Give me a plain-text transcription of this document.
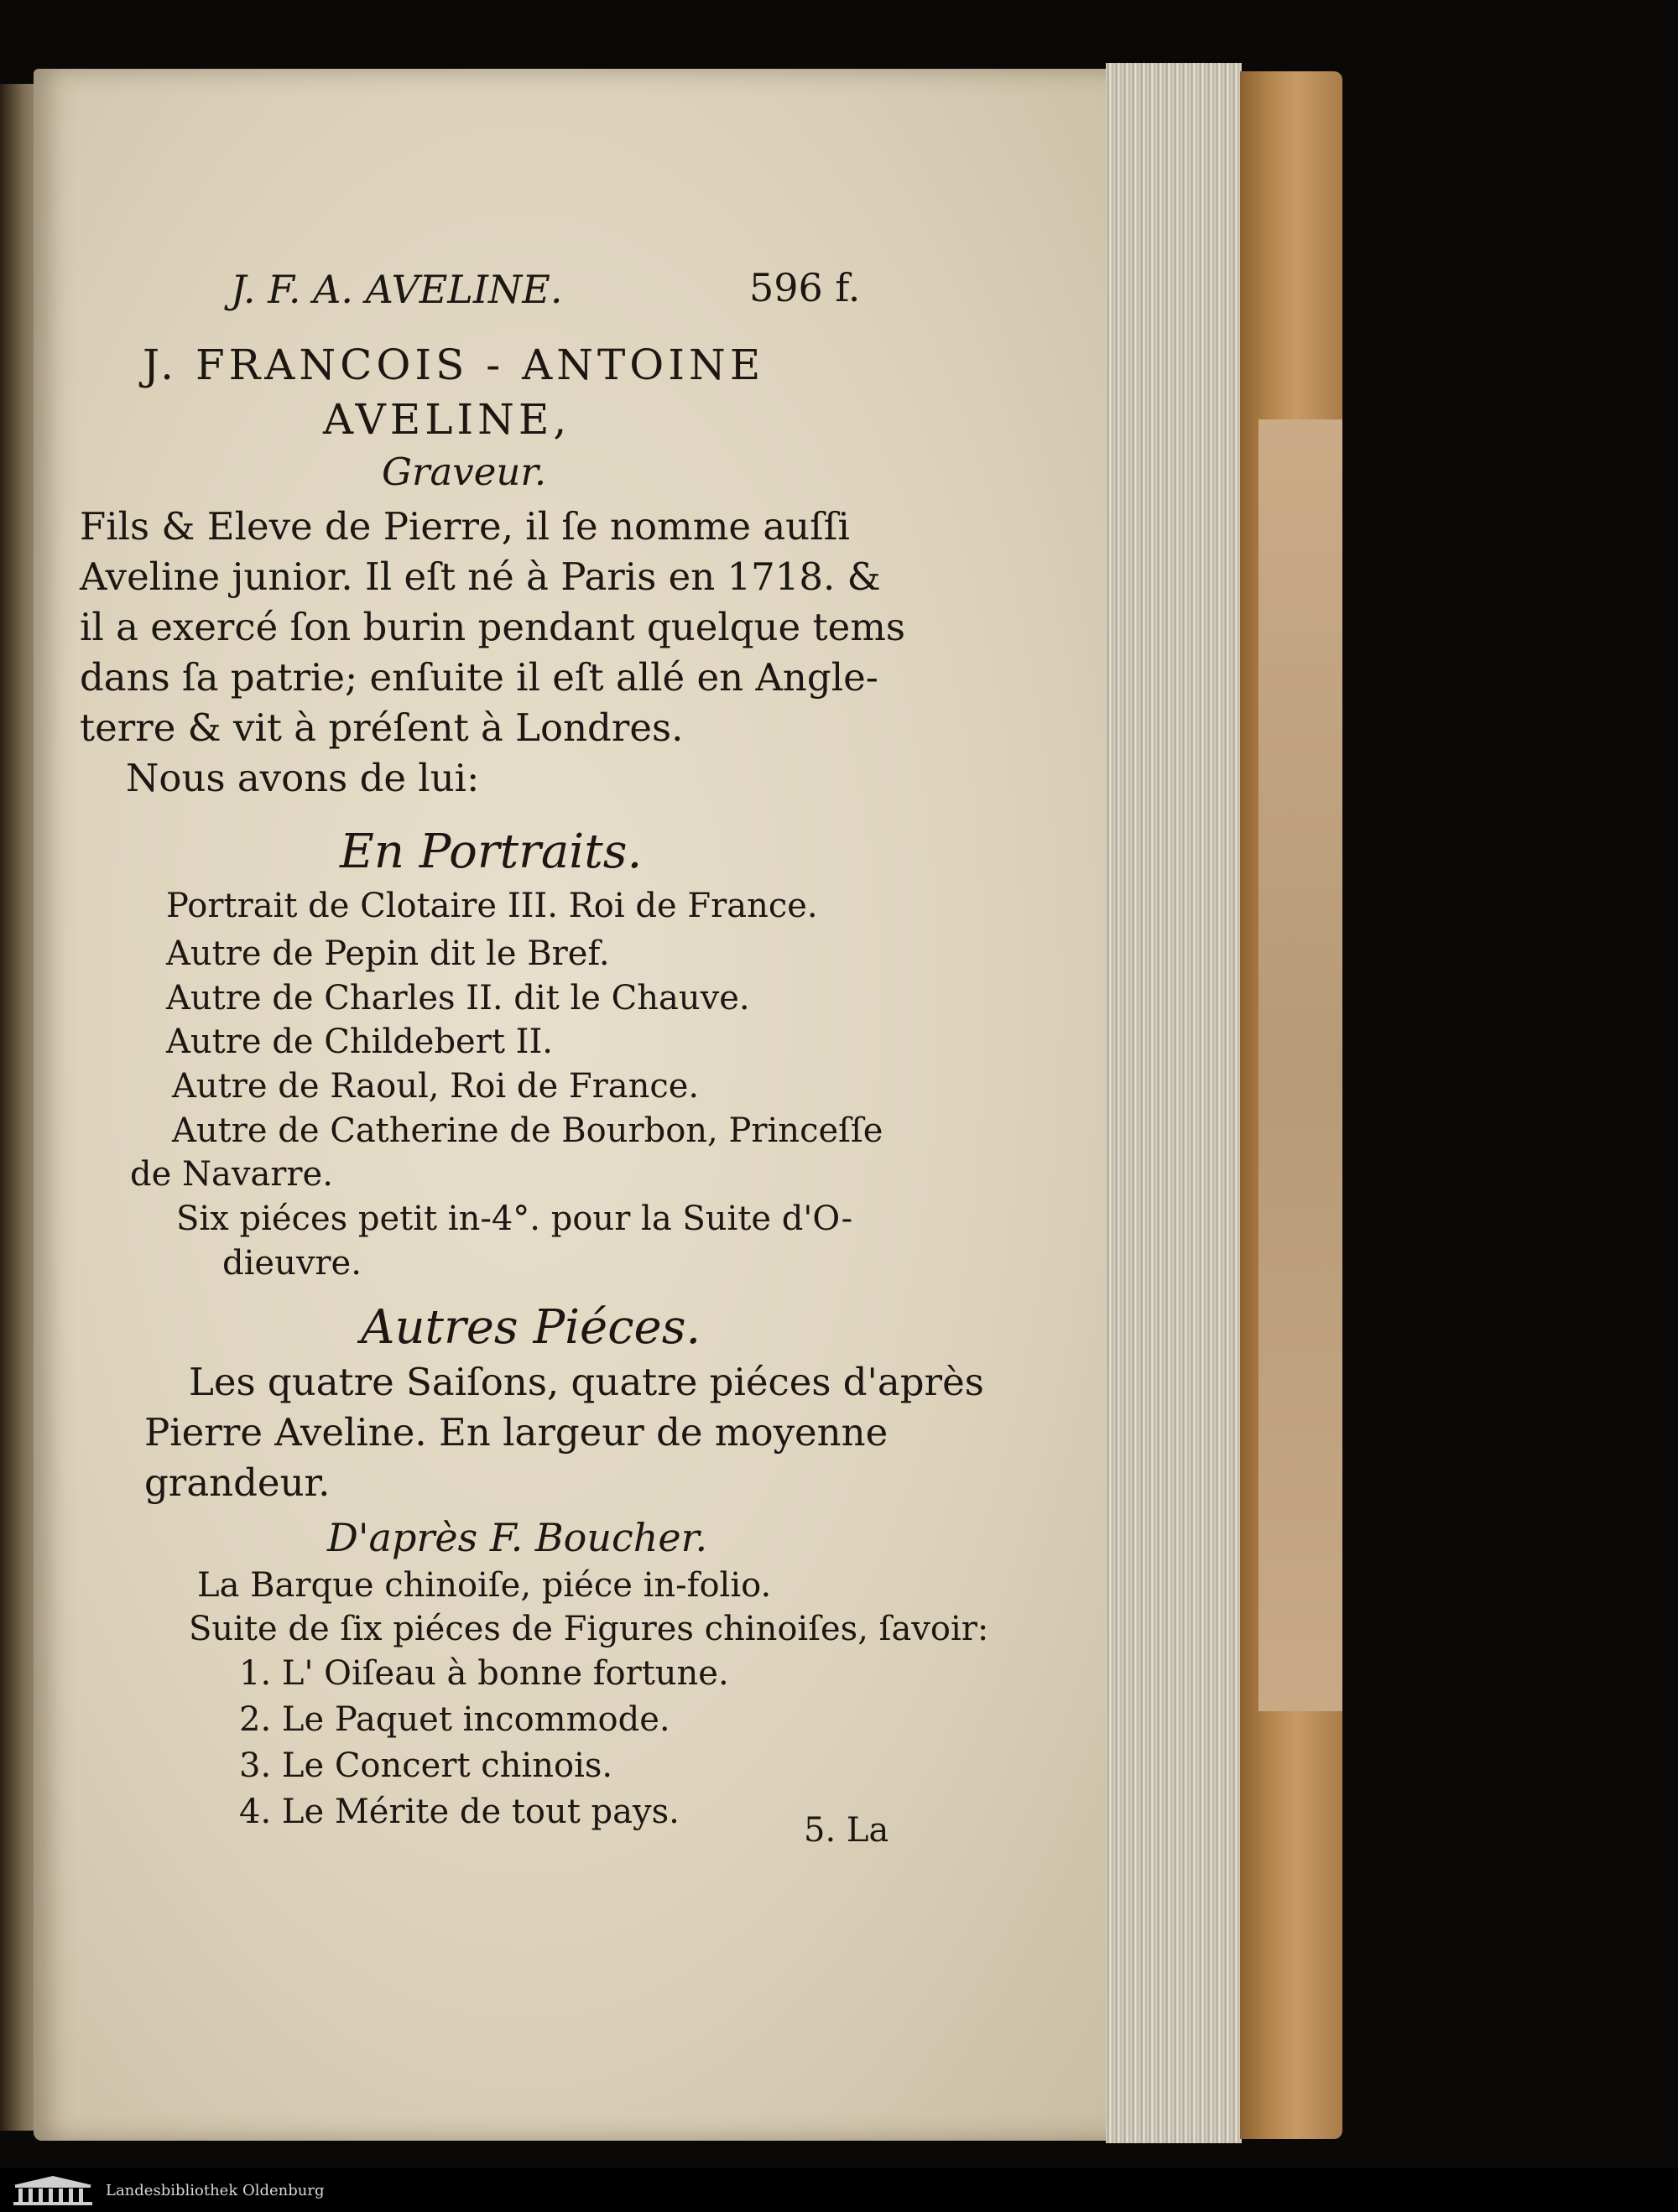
J. F. A. AVELINE.	596 f.
J. FRANCOIS - ANTOINE
AVELINE,
Graveur.
Fils & Eleve de Pierre, il ſe nomme auſſi
Aveline junior. Il eſt né à Paris en 1718. &
il a exercé ſon burin pendant quelque tems
dans ſa patrie; enſuite il eſt allé en Angle-
terre & vit à préſent à Londres.
Nous avons de lui:
En Portraits.
Portrait de Clotaire III. Roi de France.
Autre de Pepin dit le Bref.
Autre de Charles II. dit le Chauve.
Autre de Childebert II.
Autre de Raoul, Roi de France.
Autre de Catherine de Bourbon, Princeſſe
de Navarre.
Six piéces petit in-4°. pour la Suite d'O-
dieuvre.
Autres Piéces.
Les quatre Saiſons, quatre piéces d'après
Pierre Aveline. En largeur de moyenne
grandeur.
D'après F. Boucher.
La Barque chinoiſe, piéce in-folio.
Suite de ſix piéces de Figures chinoiſes, ſavoir:
1. L' Oiſeau à bonne fortune.
2. Le Paquet incommode.
3. Le Concert chinois.
4. Le Mérite de tout pays.	5. La
Landesbibliothek Oldenburg
